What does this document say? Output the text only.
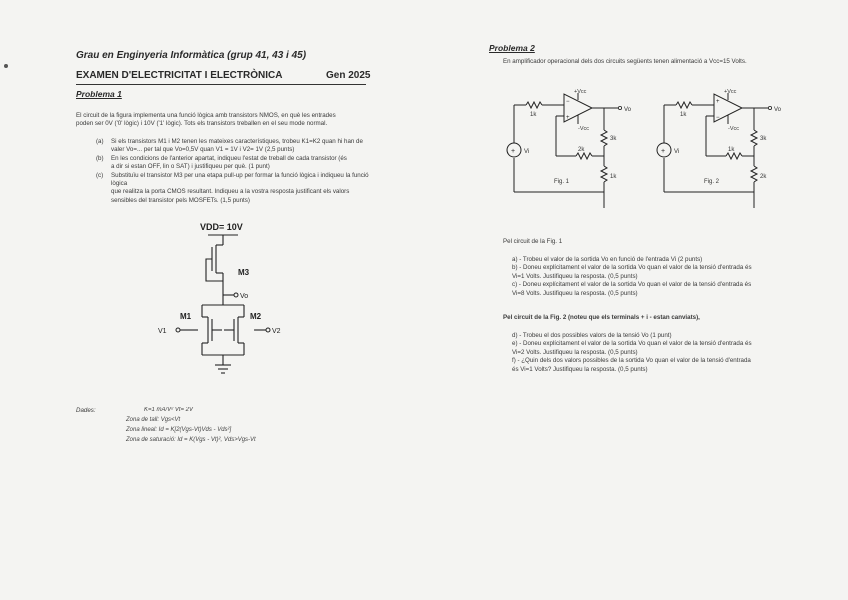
Grau en Enginyeria Informàtica (grup 41, 43 i 45)
EXAMEN D'ELECTRICITAT I ELECTRÒNICA	Gen 2025
Problema 1
El circuit de la figura implementa una funció lògica amb transistors NMOS, en què les entrades
poden ser 0V ('0' lògic) i 10V ('1' lògic). Tots els transistors treballen en el seu mode normal.
(a) Si els transistors M1 i M2 tenen les mateixes característiques, trobeu K1=K2 quan hi han de
valer Vo=... per tal que Vo=0,5V quan V1 = 1V i V2= 1V (2,5 punts)
(b) En les condicions de l'anterior apartat, indiqueu l'estat de treball de cada transistor (és
a dir si estan OFF, lin o SAT) i justifiqueu per què. (1 punt)
(c) Substituïu el transistor M3 per una etapa pull-up per formar la funció lògica i indiqueu la funció lògica
que realitza la porta CMOS resultant. Indiqueu a la vostra resposta justificant els valors
sensibles del transistor pels MOSFETs. (1,5 punts)
VDD= 10V
M3
Vo
M1	M2
V1	V2
Dades:	K=1 mA/V² Vt= 2V
Zona de tall: Vgs<Vt
Zona lineal: Id = K[2(Vgs-Vt)Vds - Vds²]
Zona de saturació: Id = K(Vgs - Vt)², Vds>Vgs-Vt
Problema 2
En amplificador operacional dels dos circuits següents tenen alimentació a Vcc=15 Volts.
+
−
+
1k
+Vcc
-Vcc
Vo
2k
3k
1k
Vi
Fig. 1
+
+
−
1k
+Vcc
-Vcc
Vo
1k
3k
2k
Vi
Fig. 2
Pel circuit de la Fig. 1
a) - Trobeu el valor de la sortida Vo en funció de l'entrada Vi (2 punts)
b) - Doneu explícitament el valor de la sortida Vo quan el valor de la tensió d'entrada és
Vi=1 Volts. Justifiqueu la resposta. (0,5 punts)
c) - Doneu explícitament el valor de la sortida Vo quan el valor de la tensió d'entrada és
Vi=8 Volts. Justifiqueu la resposta. (0,5 punts)
Pel circuit de la Fig. 2 (noteu que els terminals + i - estan canviats),
d) - Trobeu el dos possibles valors de la tensió Vo (1 punt)
e) - Doneu explícitament el valor de la sortida Vo quan el valor de la tensió d'entrada és
Vi=2 Volts. Justifiqueu la resposta. (0,5 punts)
f) - ¿Quin dels dos valors possibles de la sortida Vo quan el valor de la tensió d'entrada
és Vi=1 Volts? Justifiqueu la resposta. (0,5 punts)
